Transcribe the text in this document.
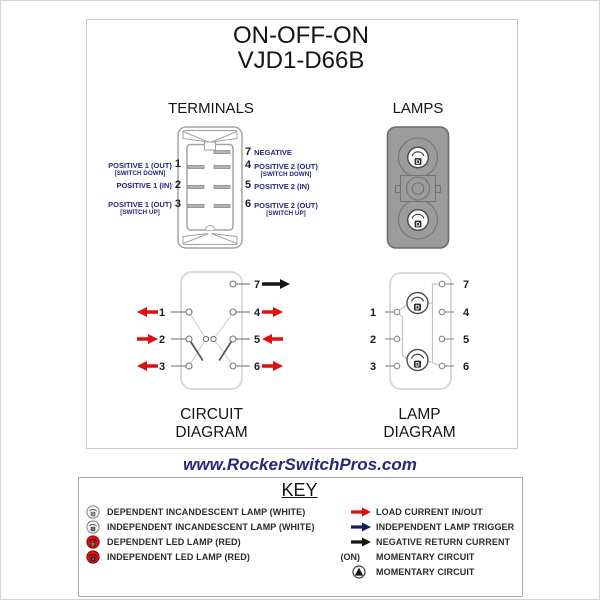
ON-OFF-ON
VJD1-D66B
TERMINALS
POSITIVE 1 (OUT)
[SWITCH DOWN]
1
POSITIVE 1 (IN) 2
POSITIVE 1 (OUT)
[SWITCH UP]
3
7 NEGATIVE
4 POSITIVE 2 (OUT)
[SWITCH DOWN]
5 POSITIVE 2 (IN)
6 POSITIVE 2 (OUT)
[SWITCH UP]
LAMPS
D
D
1
2
3
7
4
5
6
CIRCUIT
DIAGRAM
D
D
1
2
3
7
4
5
6
LAMP
DIAGRAM
www.RockerSwitchPros.com
KEY
D DEPENDENT INCANDESCENT LAMP (WHITE)
I INDEPENDENT INCANDESCENT LAMP (WHITE)
D DEPENDENT LED LAMP (RED)
I INDEPENDENT LED LAMP (RED)
LOAD CURRENT IN/OUT
INDEPENDENT LAMP TRIGGER
NEGATIVE RETURN CURRENT
(ON) MOMENTARY CIRCUIT
MOMENTARY CIRCUIT
